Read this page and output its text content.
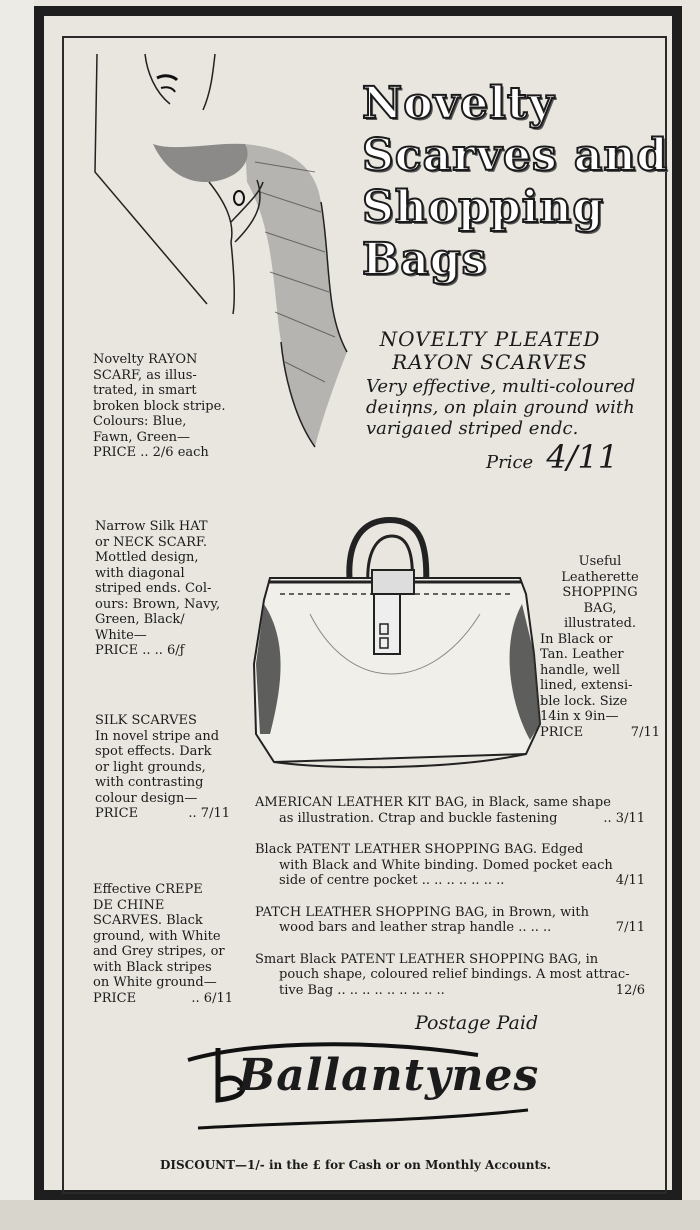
Novelty
Scarves and
Shopping
Bags
NOVELTY PLEATED
RAYON SCARVES
Very effective, multi-coloured
deιiηns, on plain ground with
varigaιed striped endс.
Price 4/11
Novelty RAYON
SCARF, as illus-
trated, in smart
broken block stripe.
Colours: Blue,
Fawn, Green—
PRICE .. 2/6 each
Narrow Silk HAT
or NECK SCARF.
Mottled design,
with diagonal
striped ends. Col-
ours: Brown, Navy,
Green, Black/
White—
PRICE .. .. 6/ƒ
Useful
Leatherette
SHOPPING
BAG,
illustrated.
In Black or
Tan. Leather
handle, well
lined, extensi-
ble lock. Size
14in x 9in—
PRICE	7/11
SILK SCARVES
In novel stripe and
spot effects. Dark
or light grounds,
with contrasting
colour design—
PRICE	.. 7/11
AMERICAN LEATHER KIT BAG, in Black, same shape
as illustration. Ctrap and buckle fastening	.. 3/11
Black PATENT LEATHER SHOPPING BAG. Edged
with Black and White binding. Domed pocket each
side of centre pocket .. .. .. .. .. .. ..	4/11
PATCH LEATHER SHOPPING BAG, in Brown, with
wood bars and leather strap handle .. .. ..	7/11
Smart Black PATENT LEATHER SHOPPING BAG, in
pouch shape, coloured relief bindings. A most attrac-
tive Bag .. .. .. .. .. .. .. .. ..	12/6
Effective CREPE
DE CHINE
SCARVES. Black
ground, with White
and Grey stripes, or
with Black stripes
on White ground—
PRICE	.. 6/11
Postage Paid
Ballantynes
DISCOUNT—1/- in the £ for Cash or on Monthly Accounts.
